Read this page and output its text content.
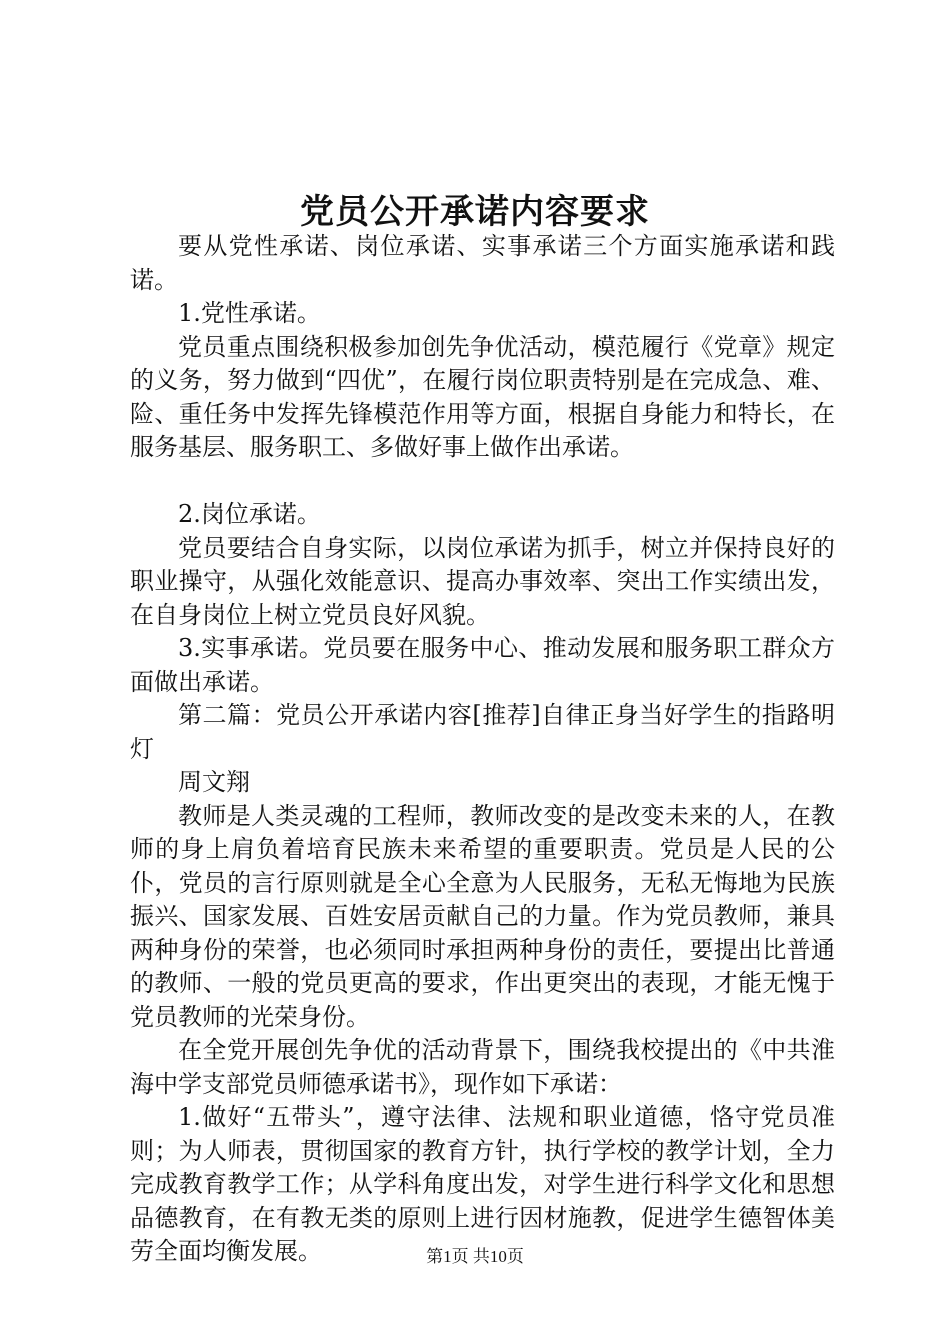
党员公开承诺内容要求

要从党性承诺、岗位承诺、实事承诺三个方面实施承诺和践诺。

1.党性承诺。

党员重点围绕积极参加创先争优活动，模范履行《党章》规定的义务，努力做到“四优”，在履行岗位职责特别是在完成急、难、险、重任务中发挥先锋模范作用等方面，根据自身能力和特长，在服务基层、服务职工、多做好事上做作出承诺。

2.岗位承诺。

党员要结合自身实际，以岗位承诺为抓手，树立并保持良好的职业操守，从强化效能意识、提高办事效率、突出工作实绩出发，在自身岗位上树立党员良好风貌。

3.实事承诺。党员要在服务中心、推动发展和服务职工群众方面做出承诺。

第二篇：党员公开承诺内容[推荐]自律正身当好学生的指路明灯

周文翔

教师是人类灵魂的工程师，教师改变的是改变未来的人，在教师的身上肩负着培育民族未来希望的重要职责。党员是人民的公仆，党员的言行原则就是全心全意为人民服务，无私无悔地为民族振兴、国家发展、百姓安居贡献自己的力量。作为党员教师，兼具两种身份的荣誉，也必须同时承担两种身份的责任，要提出比普通的教师、一般的党员更高的要求，作出更突出的表现，才能无愧于党员教师的光荣身份。

在全党开展创先争优的活动背景下，围绕我校提出的《中共淮海中学支部党员师德承诺书》，现作如下承诺：

1.做好“五带头”，遵守法律、法规和职业道德，恪守党员准则；为人师表，贯彻国家的教育方针，执行学校的教学计划，全力完成教育教学工作；从学科角度出发，对学生进行科学文化和思想品德教育，在有教无类的原则上进行因材施教，促进学生德智体美劳全面均衡发展。	第1页 共10页
